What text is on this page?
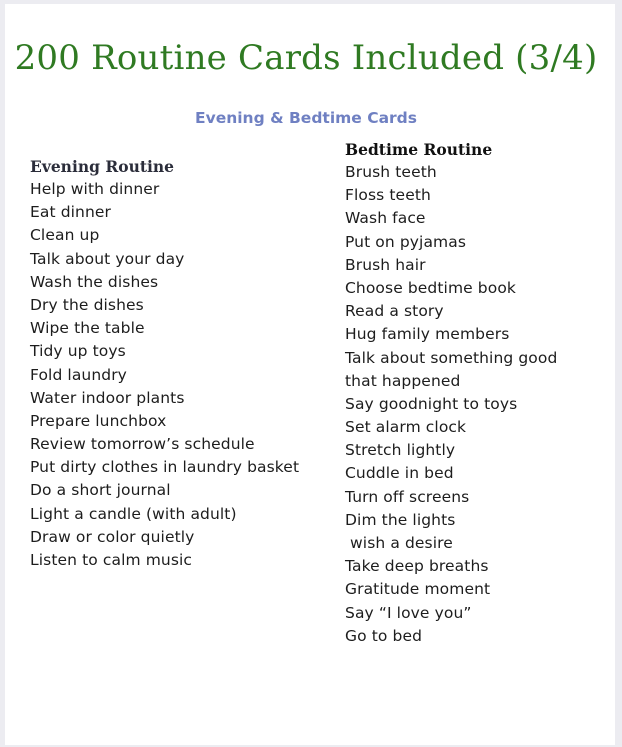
200 Routine Cards Included (3/4)
Evening & Bedtime Cards
Evening Routine
Help with dinner
Eat dinner
Clean up
Talk about your day
Wash the dishes
Dry the dishes
Wipe the table
Tidy up toys
Fold laundry
Water indoor plants
Prepare lunchbox
Review tomorrow’s schedule
Put dirty clothes in laundry basket
Do a short journal
Light a candle (with adult)
Draw or color quietly
Listen to calm music
Bedtime Routine
Brush teeth
Floss teeth
Wash face
Put on pyjamas
Brush hair
Choose bedtime book
Read a story
Hug family members
Talk about something good
that happened
Say goodnight to toys
Set alarm clock
Stretch lightly
Cuddle in bed
Turn off screens
Dim the lights
wish a desire
Take deep breaths
Gratitude moment
Say “I love you”
Go to bed
